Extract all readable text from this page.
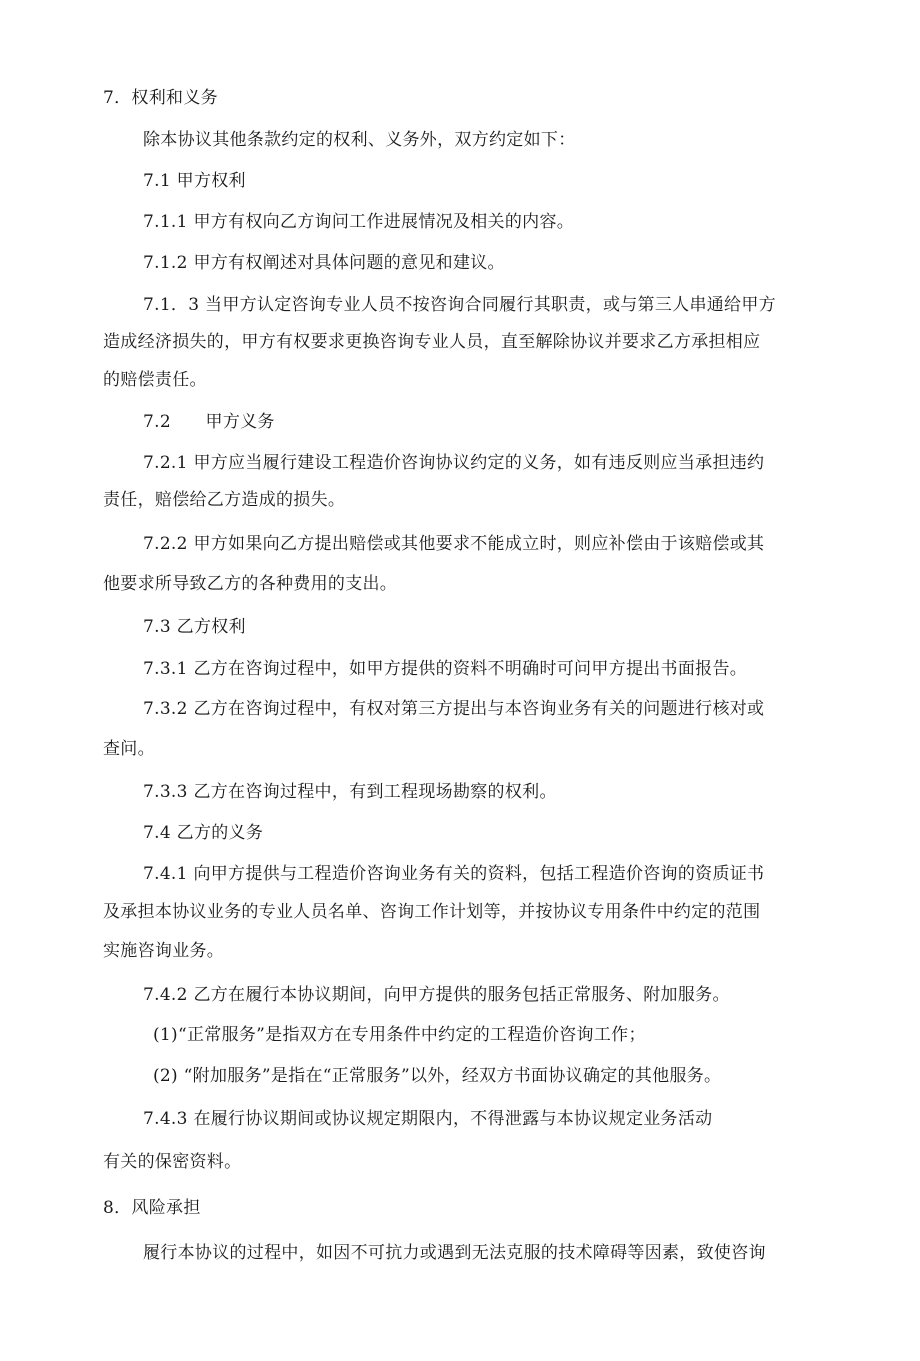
7．权利和义务
除本协议其他条款约定的权利、义务外，双方约定如下：
7.1 甲方权利
7.1.1 甲方有权向乙方询问工作进展情况及相关的内容。
7.1.2 甲方有权阐述对具体问题的意见和建议。
7.1．3 当甲方认定咨询专业人员不按咨询合同履行其职责，或与第三人串通给甲方
造成经济损失的，甲方有权要求更换咨询专业人员，直至解除协议并要求乙方承担相应
的赔偿责任。
7.2　　甲方义务
7.2.1 甲方应当履行建设工程造价咨询协议约定的义务，如有违反则应当承担违约
责任，赔偿给乙方造成的损失。
7.2.2 甲方如果向乙方提出赔偿或其他要求不能成立时，则应补偿由于该赔偿或其
他要求所导致乙方的各种费用的支出。
7.3 乙方权利
7.3.1 乙方在咨询过程中，如甲方提供的资料不明确时可问甲方提出书面报告。
7.3.2 乙方在咨询过程中，有权对第三方提出与本咨询业务有关的问题进行核对或
查问。
7.3.3 乙方在咨询过程中，有到工程现场勘察的权利。
7.4 乙方的义务
7.4.1 向甲方提供与工程造价咨询业务有关的资料，包括工程造价咨询的资质证书
及承担本协议业务的专业人员名单、咨询工作计划等，并按协议专用条件中约定的范围
实施咨询业务。
7.4.2 乙方在履行本协议期间，向甲方提供的服务包括正常服务、附加服务。
(1)“正常服务”是指双方在专用条件中约定的工程造价咨询工作；
(2) “附加服务”是指在“正常服务”以外，经双方书面协议确定的其他服务。
7.4.3 在履行协议期间或协议规定期限内，不得泄露与本协议规定业务活动
有关的保密资料。
8．风险承担
履行本协议的过程中，如因不可抗力或遇到无法克服的技术障碍等因素，致使咨询
